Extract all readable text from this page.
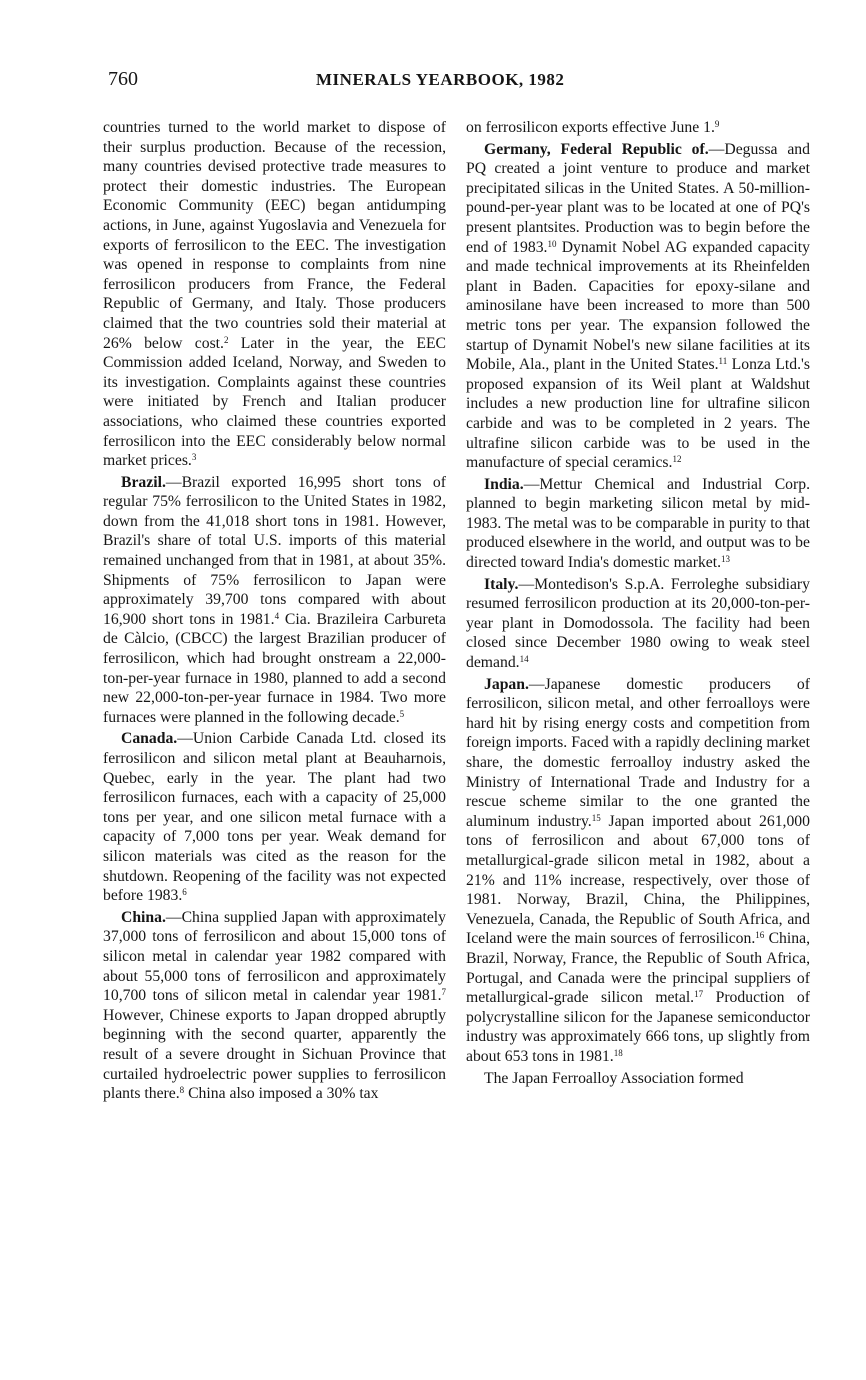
760	MINERALS YEARBOOK, 1982

countries turned to the world market to dispose of their surplus production. Because of the recession, many countries devised protective trade measures to protect their domestic industries. The European Economic Community (EEC) began antidumping actions, in June, against Yugoslavia and Venezuela for exports of ferrosilicon to the EEC. The investigation was opened in response to complaints from nine ferrosilicon producers from France, the Federal Republic of Germany, and Italy. Those producers claimed that the two countries sold their material at 26% below cost.$^2$ Later in the year, the EEC Commission added Iceland, Norway, and Sweden to its investigation. Complaints against these countries were initiated by French and Italian producer associations, who claimed these countries exported ferrosilicon into the EEC considerably below normal market prices.$^3$

Brazil.—Brazil exported 16,995 short tons of regular 75% ferrosilicon to the United States in 1982, down from the 41,018 short tons in 1981. However, Brazil's share of total U.S. imports of this material remained unchanged from that in 1981, at about 35%. Shipments of 75% ferrosilicon to Japan were approximately 39,700 tons compared with about 16,900 short tons in 1981.$^4$ Cia. Brazileira Carbureta de Càlcio, (CBCC) the largest Brazilian producer of ferrosilicon, which had brought onstream a 22,000-ton-per-year furnace in 1980, planned to add a second new 22,000-ton-per-year furnace in 1984. Two more furnaces were planned in the following decade.$^5$

Canada.—Union Carbide Canada Ltd. closed its ferrosilicon and silicon metal plant at Beauharnois, Quebec, early in the year. The plant had two ferrosilicon furnaces, each with a capacity of 25,000 tons per year, and one silicon metal furnace with a capacity of 7,000 tons per year. Weak demand for silicon materials was cited as the reason for the shutdown. Reopening of the facility was not expected before 1983.$^6$

China.—China supplied Japan with approximately 37,000 tons of ferrosilicon and about 15,000 tons of silicon metal in calendar year 1982 compared with about 55,000 tons of ferrosilicon and approximately 10,700 tons of silicon metal in calendar year 1981.$^7$ However, Chinese exports to Japan dropped abruptly beginning with the second quarter, apparently the result of a severe drought in Sichuan Province that curtailed hydroelectric power supplies to ferrosilicon plants there.$^8$ China also imposed a 30% tax

on ferrosilicon exports effective June 1.$^9$

Germany, Federal Republic of.—Degussa and PQ created a joint venture to produce and market precipitated silicas in the United States. A 50-million-pound-per-year plant was to be located at one of PQ's present plantsites. Production was to begin before the end of 1983.10 Dynamit Nobel AG expanded capacity and made technical improvements at its Rheinfelden plant in Baden. Capacities for epoxy-silane and aminosilane have been increased to more than 500 metric tons per year. The expansion followed the startup of Dynamit Nobel's new silane facilities at its Mobile, Ala., plant in the United States.$^{11}$ Lonza Ltd.'s proposed expansion of its Weil plant at Waldshut includes a new production line for ultrafine silicon carbide and was to be completed in 2 years. The ultrafine silicon carbide was to be used in the manufacture of special ceramics.$^{12}$

India.—Mettur Chemical and Industrial Corp. planned to begin marketing silicon metal by mid-1983. The metal was to be comparable in purity to that produced elsewhere in the world, and output was to be directed toward India's domestic market.$^{13}$

Italy.—Montedison's S.p.A. Ferroleghe subsidiary resumed ferrosilicon production at its 20,000-ton-per-year plant in Domodossola. The facility had been closed since December 1980 owing to weak steel demand.$^{14}$

Japan.—Japanese domestic producers of ferrosilicon, silicon metal, and other ferroalloys were hard hit by rising energy costs and competition from foreign imports. Faced with a rapidly declining market share, the domestic ferroalloy industry asked the Ministry of International Trade and Industry for a rescue scheme similar to the one granted the aluminum industry.$^{15}$ Japan imported about 261,000 tons of ferrosilicon and about 67,000 tons of metallurgical-grade silicon metal in 1982, about a 21% and 11% increase, respectively, over those of 1981. Norway, Brazil, China, the Philippines, Venezuela, Canada, the Republic of South Africa, and Iceland were the main sources of ferrosilicon.$^{16}$ China, Brazil, Norway, France, the Republic of South Africa, Portugal, and Canada were the principal suppliers of metallurgical-grade silicon metal.$^{17}$ Production of polycrystalline silicon for the Japanese semiconductor industry was approximately 666 tons, up slightly from about 653 tons in 1981.18

The Japan Ferroalloy Association formed
